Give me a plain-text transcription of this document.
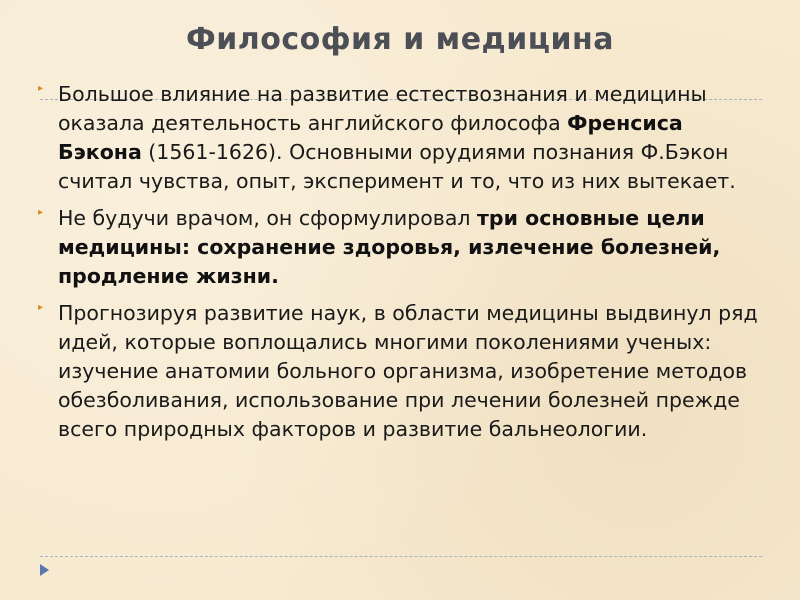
Философия и медицина
▸ Большое влияние на развитие естествознания и медицины оказала деятельность английского философа Френсиса Бэкона (1561-1626). Основными орудиями познания Ф.Бэкон считал чувства, опыт, эксперимент и то, что из них вытекает.
▸ Не будучи врачом, он сформулировал три основные цели медицины: сохранение здоровья, излечение болезней, продление жизни.
▸ Прогнозируя развитие наук, в области медицины выдвинул ряд идей, которые воплощались многими поколениями ученых: изучение анатомии больного организма, изобретение методов обезболивания, использование при лечении болезней прежде всего природных факторов и развитие бальнеологии.
